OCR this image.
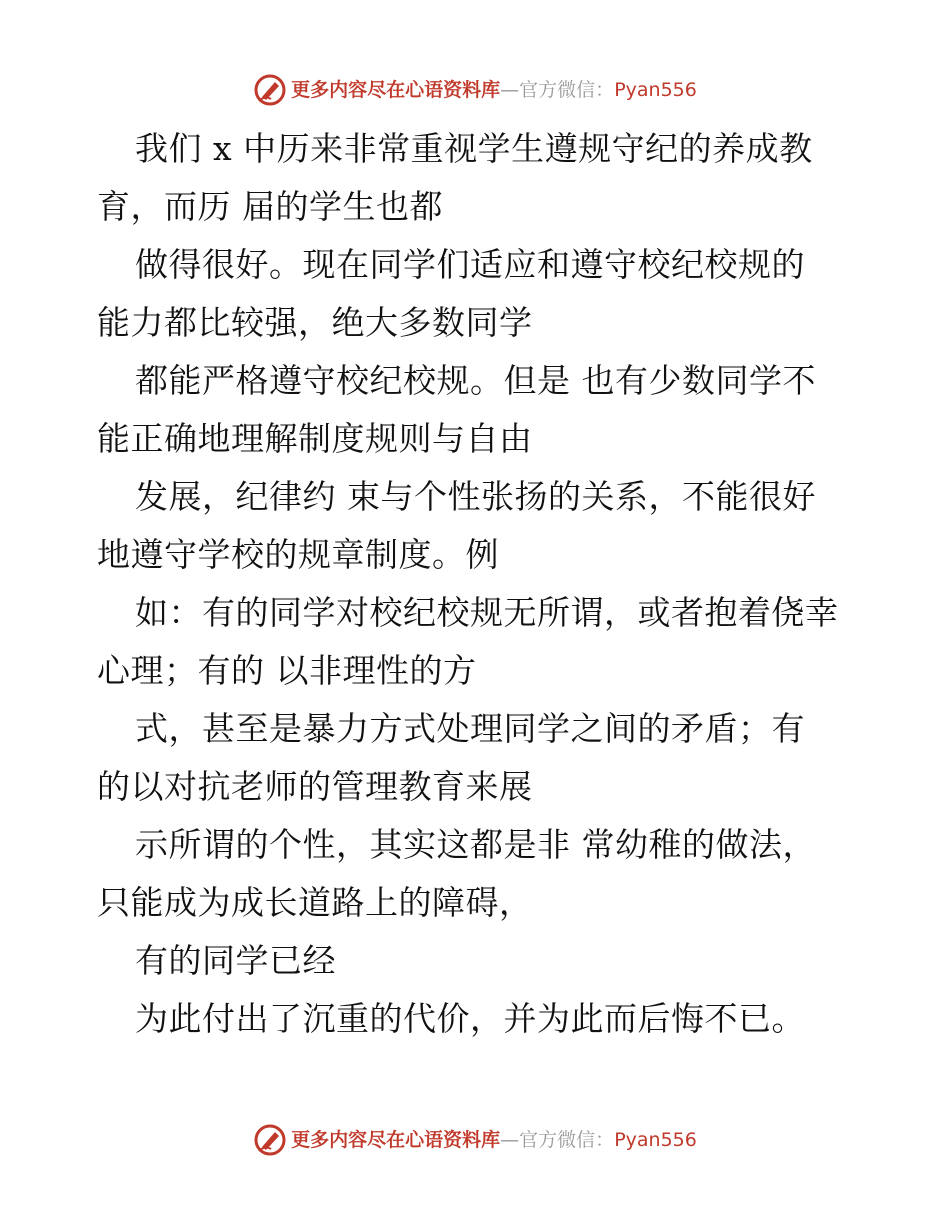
更多内容尽在心语资料库 — 官方微信： Pyan556
我们 x 中历来非常重视学生遵规守纪的养成教
育，而历 届的学生也都
做得很好。现在同学们适应和遵守校纪校规的
能力都比较强，绝大多数同学
都能严格遵守校纪校规。但是 也有少数同学不
能正确地理解制度规则与自由
发展，纪律约 束与个性张扬的关系，不能很好
地遵守学校的规章制度。例
如：有的同学对校纪校规无所谓，或者抱着侥幸
心理；有的 以非理性的方
式，甚至是暴力方式处理同学之间的矛盾；有
的以对抗老师的管理教育来展
示所谓的个性，其实这都是非 常幼稚的做法，
只能成为成长道路上的障碍，
有的同学已经
为此付出了沉重的代价，并为此而后悔不已。
更多内容尽在心语资料库 — 官方微信： Pyan556
